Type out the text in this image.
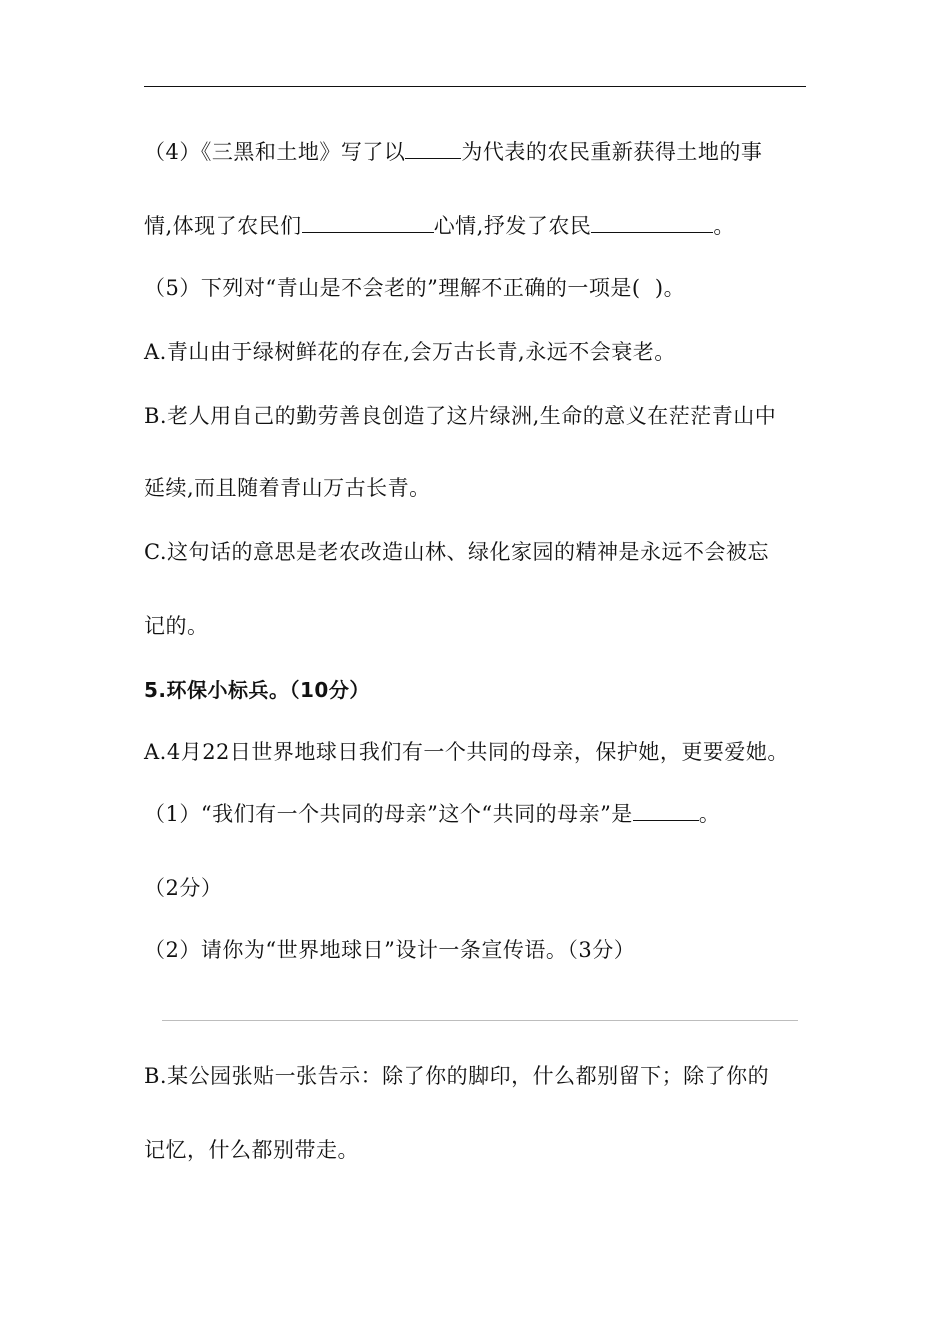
（4）《三黑和土地》写了以	为代表的农民重新获得土地的事
情,体现了农民们	心情,抒发了农民	。
（5）下列对“青山是不会老的”理解不正确的一项是(  )。
A.青山由于绿树鲜花的存在,会万古长青,永远不会衰老。
B.老人用自己的勤劳善良创造了这片绿洲,生命的意义在茫茫青山中
延续,而且随着青山万古长青。
C.这句话的意思是老农改造山林、绿化家园的精神是永远不会被忘
记的。
5.环保小标兵。（10分）
A.4月22日世界地球日我们有一个共同的母亲，保护她，更要爱她。
（1）“我们有一个共同的母亲”这个“共同的母亲”是	。
（2分）
（2）请你为“世界地球日”设计一条宣传语。（3分）
B.某公园张贴一张告示：除了你的脚印，什么都别留下；除了你的
记忆，什么都别带走。
